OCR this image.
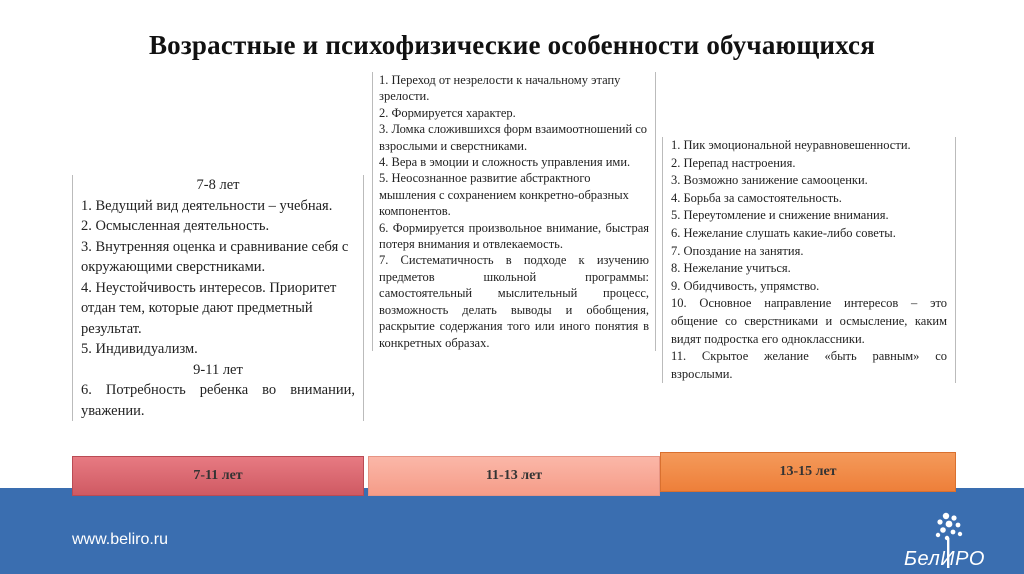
Возрастные и психофизические особенности обучающихся

7-8 лет

1. Ведущий вид деятельности – учебная.

2. Осмысленная деятельность.

3. Внутренняя оценка и сравнивание себя с окружающими сверстниками.

4. Неустойчивость интересов. Приоритет отдан тем, которые дают предметный результат.

5. Индивидуализм.

9-11 лет

6. Потребность ребенка во внимании, уважении.

1. Переход от незрелости к начальному этапу зрелости.

2. Формируется характер.

3. Ломка сложившихся форм взаимоотношений со взрослыми и сверстниками.

4. Вера в эмоции и сложность управления ими.

5. Неосознанное развитие абстрактного мышления с сохранением конкретно-образных компонентов.

6. Формируется произвольное внимание, быстрая потеря внимания и отвлекаемость.

7. Систематичность в подходе к изучению предметов школьной программы: самостоятельный мыслительный процесс, возможность делать выводы и обобщения, раскрытие содержания того или иного понятия в конкретных образах.

1. Пик эмоциональной неуравновешенности.

2. Перепад настроения.

3. Возможно занижение самооценки.

4. Борьба за самостоятельность.

5. Переутомление и снижение внимания.

6. Нежелание слушать какие-либо советы.

7. Опоздание на занятия.

8. Нежелание учиться.

9. Обидчивость, упрямство.

10. Основное направление интересов – это общение со сверстниками и осмысление, каким видят подростка его одноклассники.

11. Скрытое желание «быть равным» со взрослыми.

7-11 лет	11-13 лет	13-15 лет
www.beliro.ru
БелИРО
